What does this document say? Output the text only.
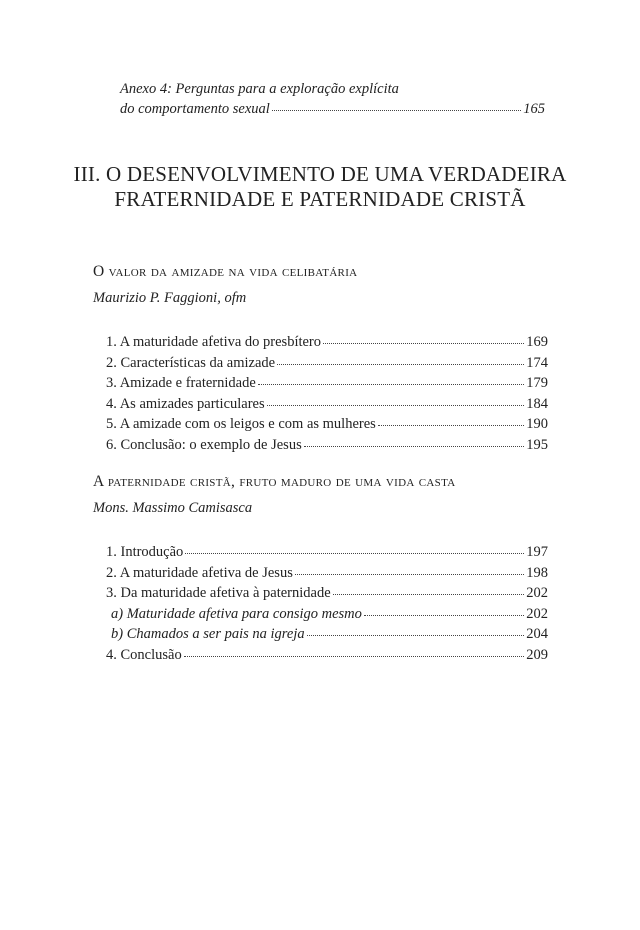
Anexo 4: Perguntas para a exploração explícita
do comportamento sexual	165
III. O DESENVOLVIMENTO DE UMA VERDADEIRA
FRATERNIDADE E PATERNIDADE CRISTÃ
O valor da amizade na vida celibatária
Maurizio P. Faggioni, ofm
1. A maturidade afetiva do presbítero	169
2. Características da amizade	174
3. Amizade e fraternidade	179
4. As amizades particulares	184
5. A amizade com os leigos e com as mulheres	190
6. Conclusão: o exemplo de Jesus	195
A paternidade cristã, fruto maduro de uma vida casta
Mons. Massimo Camisasca
1. Introdução	197
2. A maturidade afetiva de Jesus	198
3. Da maturidade afetiva à paternidade	202
a) Maturidade afetiva para consigo mesmo	202
b) Chamados a ser pais na igreja	204
4. Conclusão	209
